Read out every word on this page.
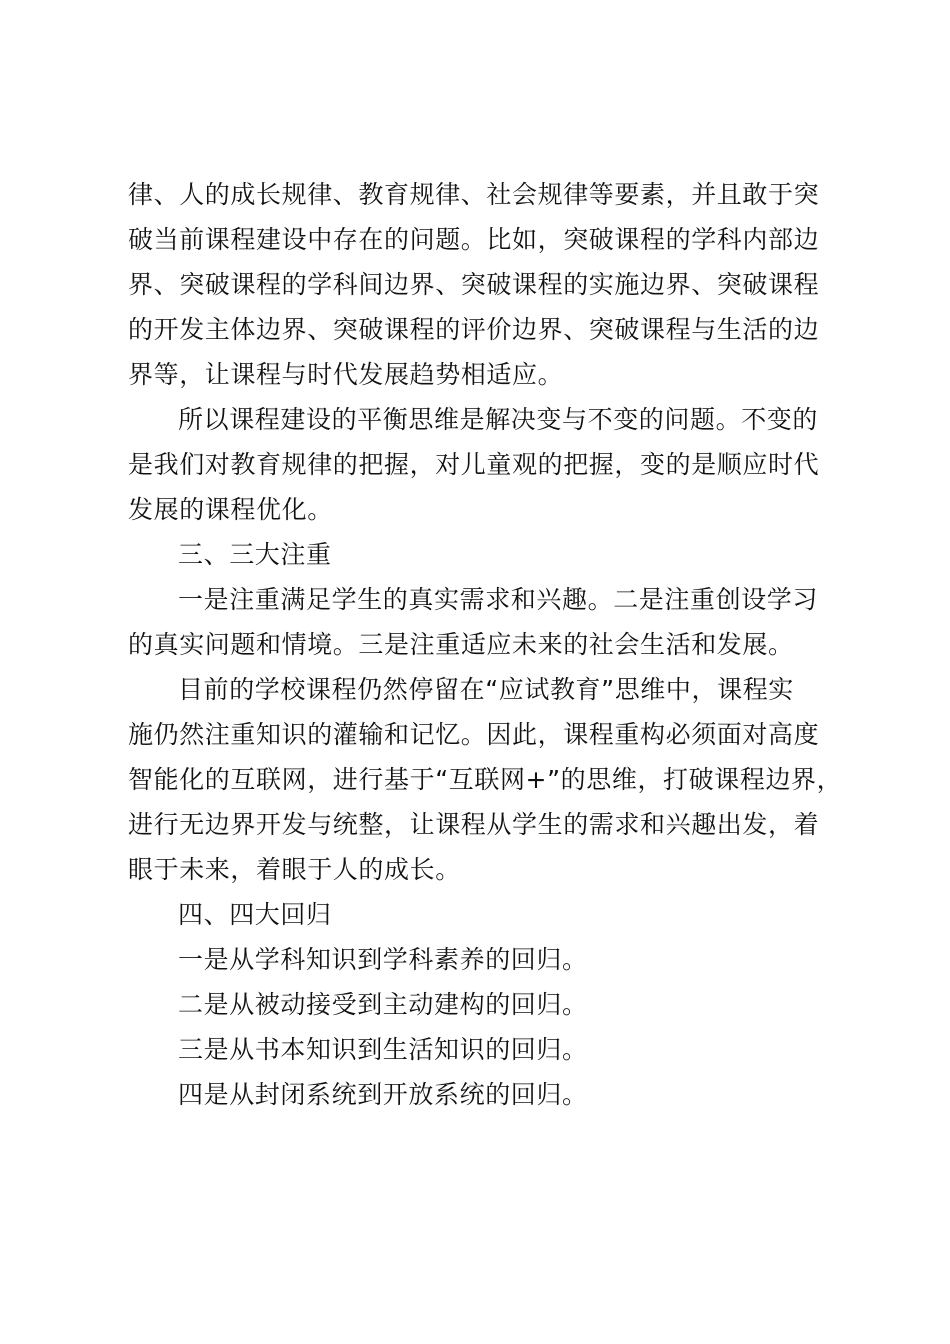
律、人的成长规律、教育规律、社会规律等要素，并且敢于突
破当前课程建设中存在的问题。比如，突破课程的学科内部边
界、突破课程的学科间边界、突破课程的实施边界、突破课程
的开发主体边界、突破课程的评价边界、突破课程与生活的边
界等，让课程与时代发展趋势相适应。
所以课程建设的平衡思维是解决变与不变的问题。不变的
是我们对教育规律的把握，对儿童观的把握，变的是顺应时代
发展的课程优化。
三、三大注重
一是注重满足学生的真实需求和兴趣。二是注重创设学习
的真实问题和情境。三是注重适应未来的社会生活和发展。
目前的学校课程仍然停留在“应试教育”思维中，课程实
施仍然注重知识的灌输和记忆。因此，课程重构必须面对高度
智能化的互联网，进行基于“互联网+”的思维，打破课程边界，
进行无边界开发与统整，让课程从学生的需求和兴趣出发，着
眼于未来，着眼于人的成长。
四、四大回归
一是从学科知识到学科素养的回归。
二是从被动接受到主动建构的回归。
三是从书本知识到生活知识的回归。
四是从封闭系统到开放系统的回归。
